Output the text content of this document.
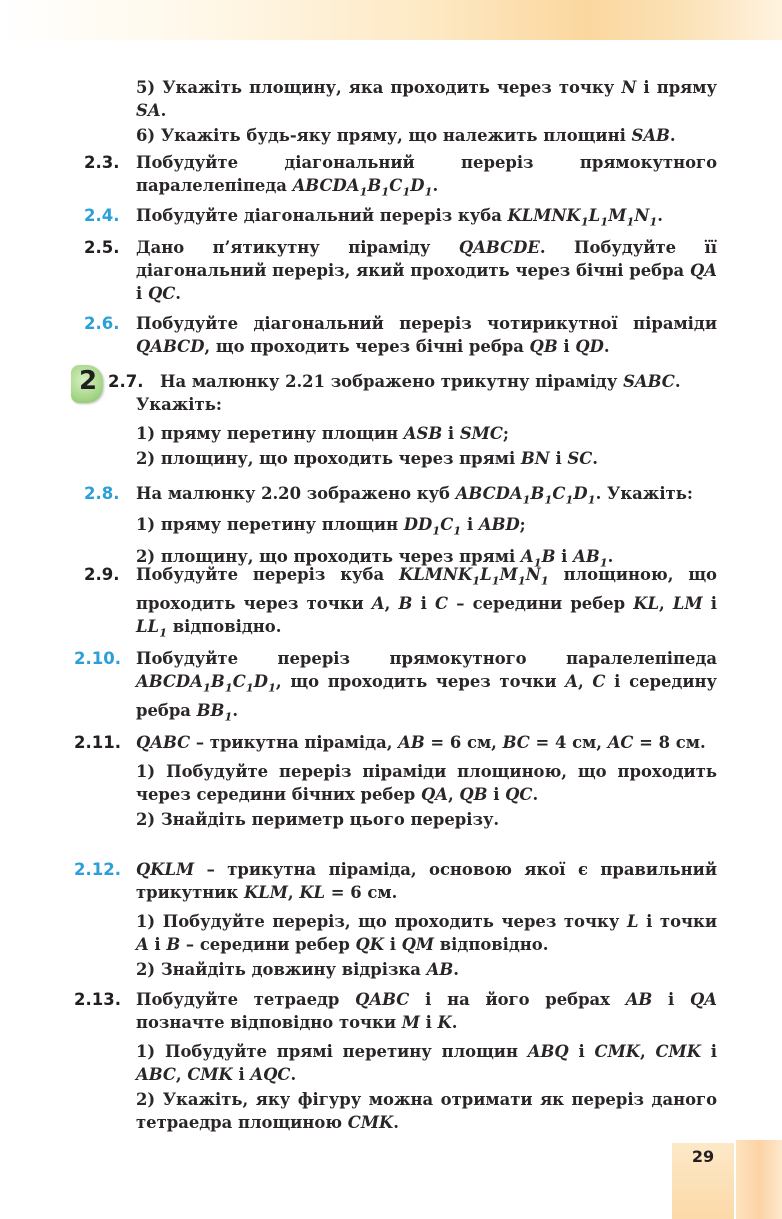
29

5) Укажіть площину, яка проходить через точку N і пряму SA.

6) Укажіть будь-яку пряму, що належить площині SAB.

2.3. Побудуйте діагональний переріз прямокутного паралелепіпеда $ABCDA_1B_1C_1D_1$.

2.4. Побудуйте діагональний переріз куба $KLMNK_1L_1M_1N_1$.

2.5. Дано п’ятикутну піраміду QABCDE. Побудуйте її діагональний переріз, який проходить через бічні ребра QA і QC.

2.6. Побудуйте діагональний переріз чотирикутної піраміди QABCD, що проходить через бічні ребра QB і QD.

2 2.7. На малюнку 2.21 зображено трикутну піраміду SABC.

Укажіть:

1) пряму перетину площин ASB і SMC;

2) площину, що проходить через прямі BN і SC.

2.8. На малюнку 2.20 зображено куб $ABCDA_1B_1C_1D_1$. Укажіть:

1) пряму перетину площин $DD_1C_1$ і ABD;

2) площину, що проходить через прямі $A_1B$ і $AB_1$.

2.9. Побудуйте переріз куба $KLMNK_1L_1M_1N_1$ площиною, що проходить через точки A, B і C – середини ребер KL, LM і $LL_1$ відповідно.

2.10. Побудуйте переріз прямокутного паралелепіпеда $ABCDA_1B_1C_1D_1$, що проходить через точки A, C і середину ребра $BB_1$.

2.11. QABC – трикутна піраміда, AB = 6 см, BC = 4 см, AC = 8 см.

1) Побудуйте переріз піраміди площиною, що проходить через середини бічних ребер QA, QB і QC.

2) Знайдіть периметр цього перерізу.

2.12. QKLM – трикутна піраміда, основою якої є правильний трикутник KLM, KL = 6 см.

1) Побудуйте переріз, що проходить через точку L і точки A і B – середини ребер QK і QM відповідно.

2) Знайдіть довжину відрізка AB.

2.13. Побудуйте тетраедр QABC і на його ребрах AB і QA позначте відповідно точки M і K.

1) Побудуйте прямі перетину площин ABQ і CMK, CMK і ABC, CMK і AQC.

2) Укажіть, яку фігуру можна отримати як переріз даного тетраедра площиною CMK.
